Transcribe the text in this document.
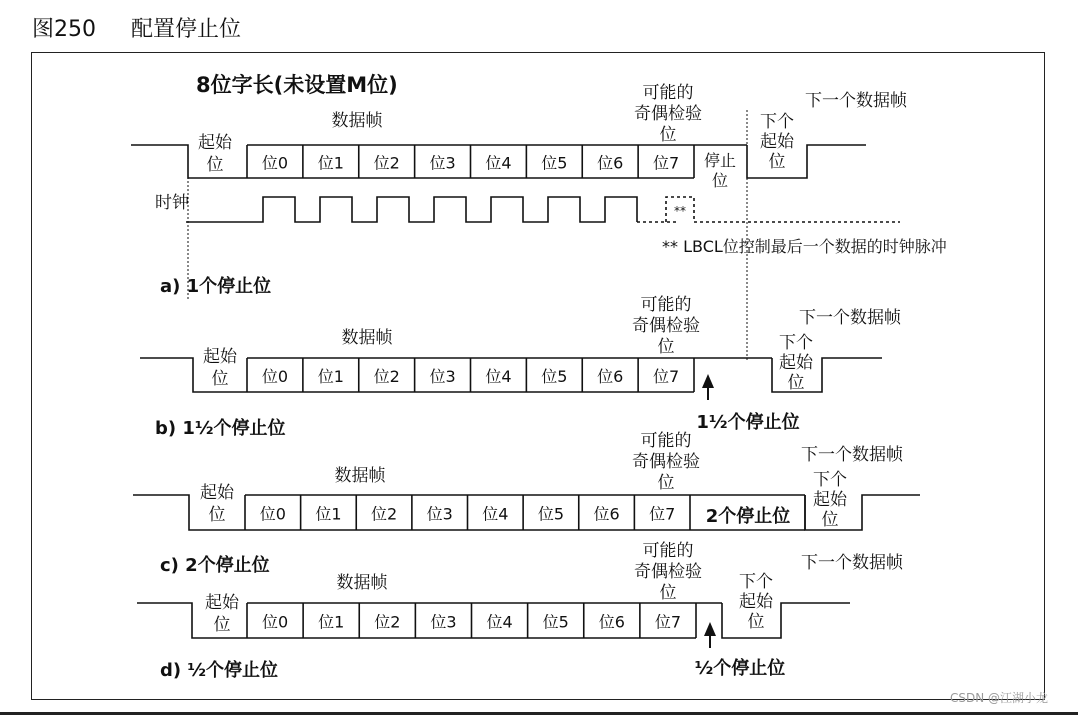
图250 配置停止位
8位字长(未设置M位)
位0 位1 位2 位3 位4 位5 位6 位7
起始
位
数据帧
可能的
奇偶检验
位
下一个数据帧
下个
起始
位
停止
位
时钟	**
** LBCL位控制最后一个数据的时钟脉冲
a) 1个停止位
位0 位1 位2 位3 位4 位5 位6 位7
起始
位
数据帧
可能的
奇偶检验
位
下一个数据帧
下个
起始
位
1½个停止位
b) 1½个停止位
位0 位1 位2 位3 位4 位5 位6 位7
起始
位
数据帧
可能的
奇偶检验
位
下一个数据帧
下个
起始
位
2个停止位
c) 2个停止位
位0 位1 位2 位3 位4 位5 位6 位7
起始
位
数据帧
可能的
奇偶检验
位
下一个数据帧
下个
起始
位
½个停止位
d) ½个停止位
CSDN @江湖小龙
